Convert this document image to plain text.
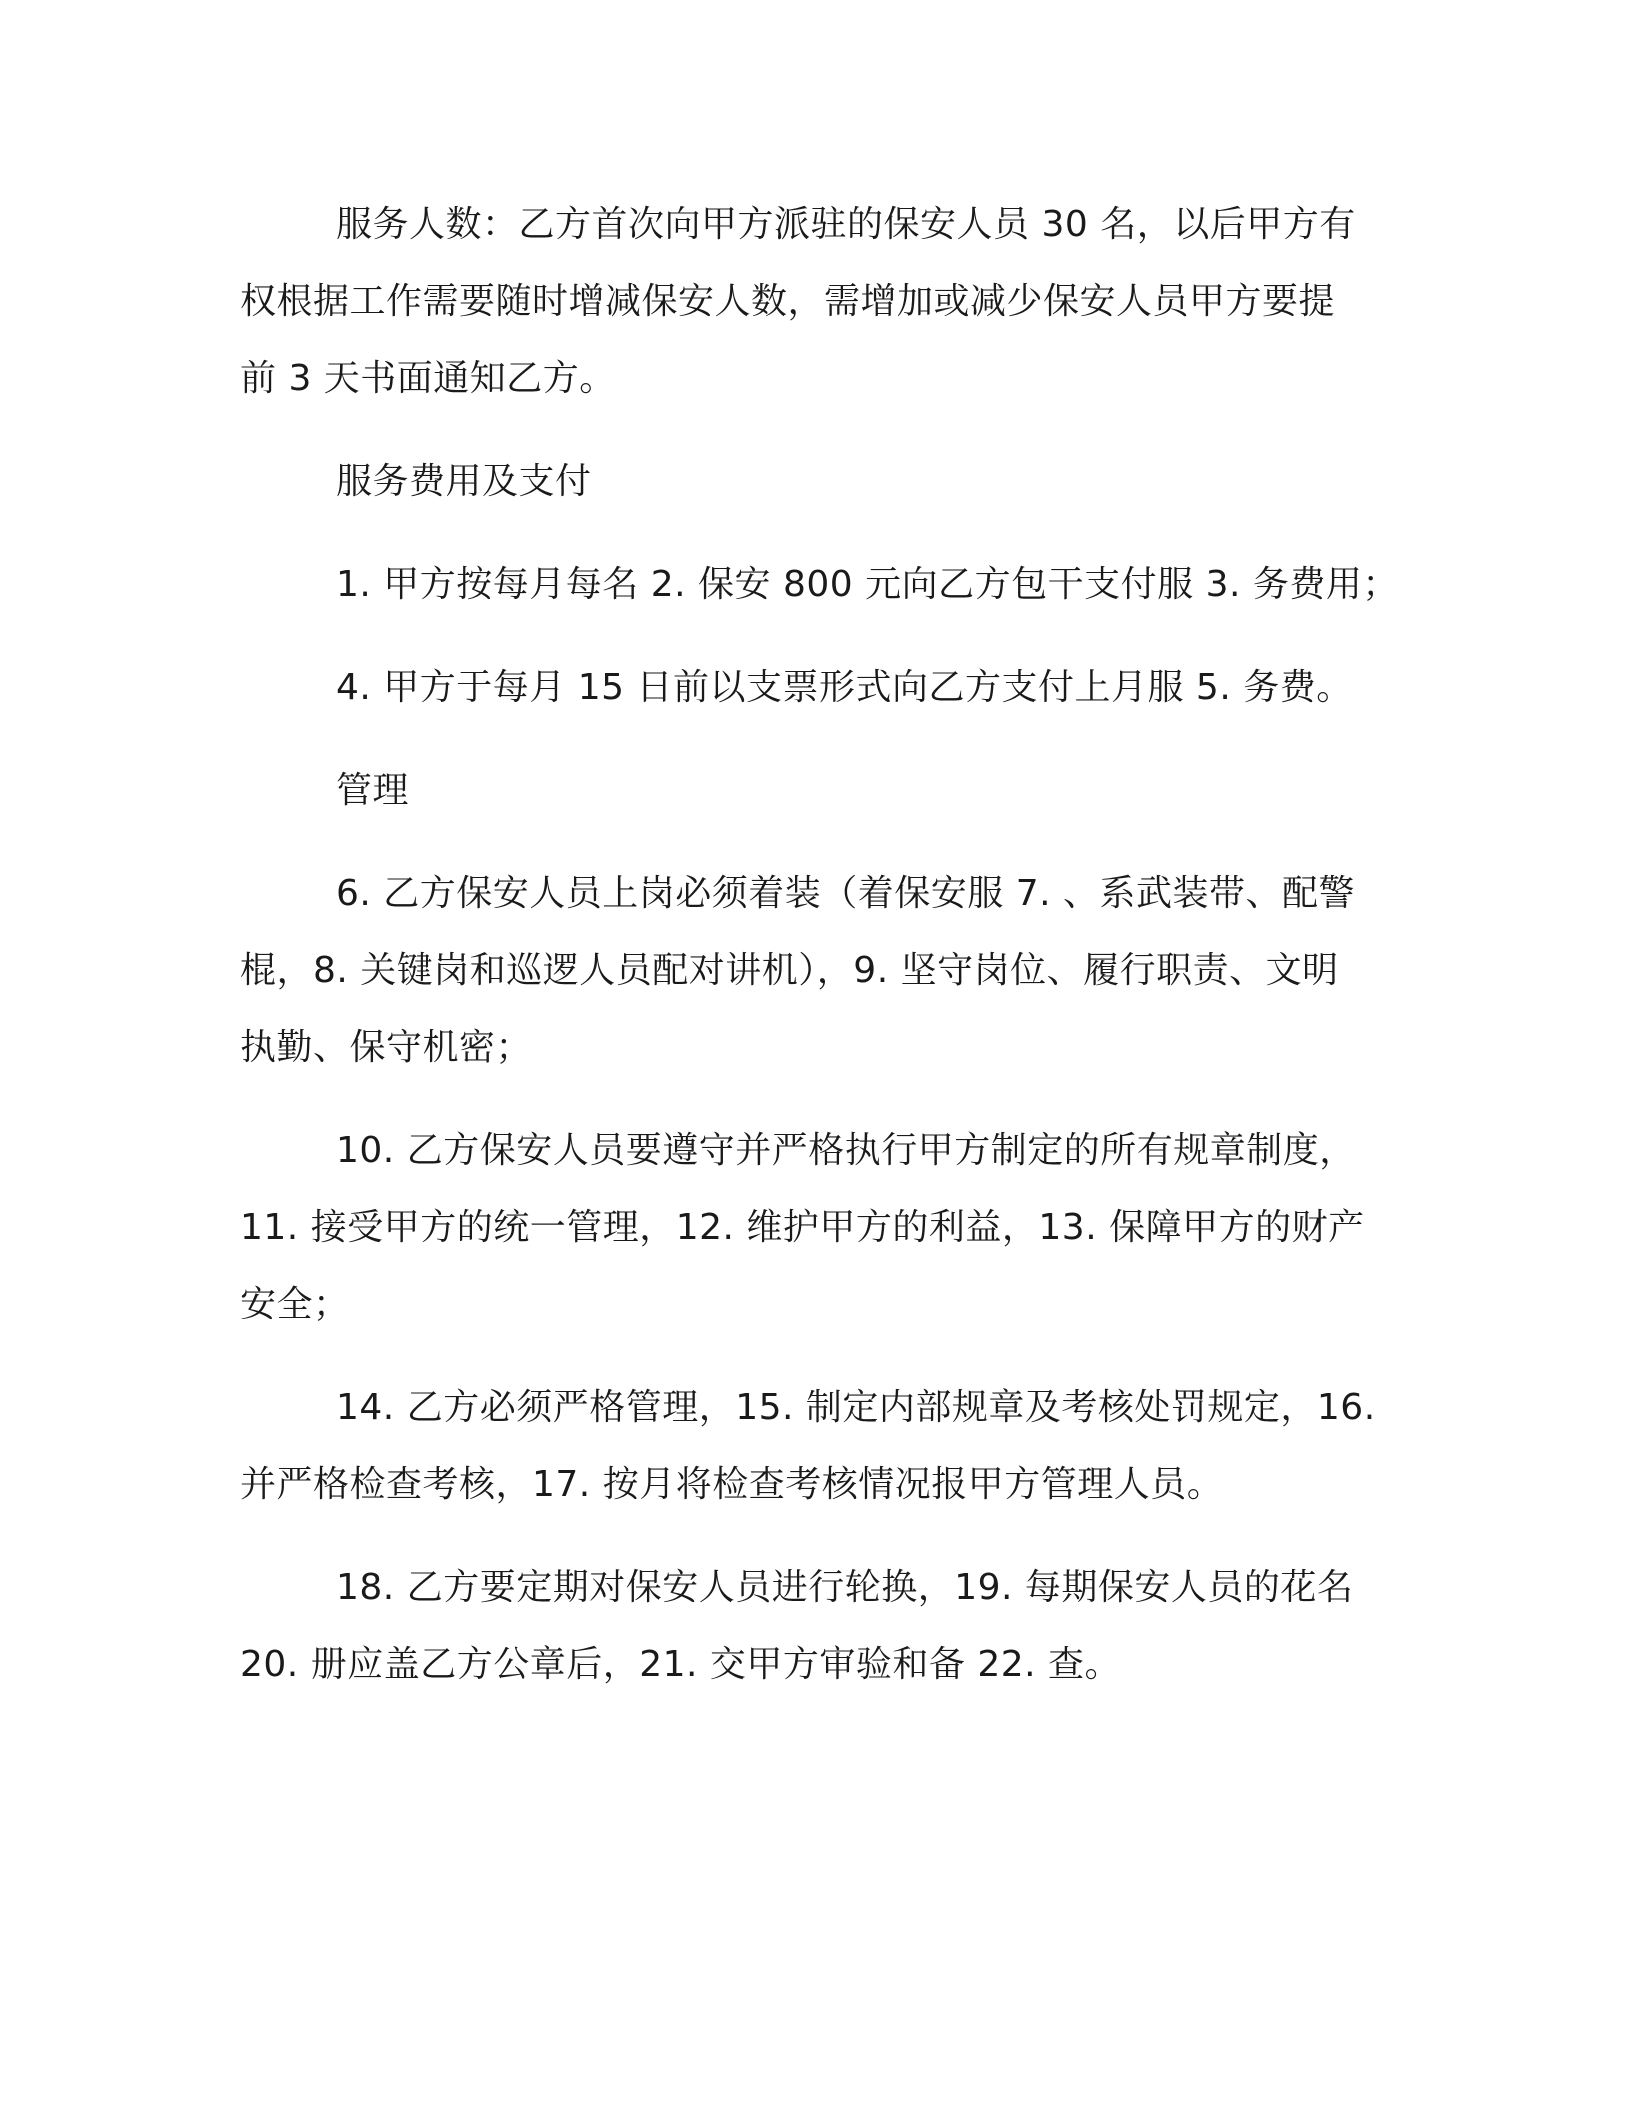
服务人数：乙方首次向甲方派驻的保安人员 30 名，以后甲方有
权根据工作需要随时增减保安人数，需增加或减少保安人员甲方要提
前 3 天书面通知乙方。

服务费用及支付

1. 甲方按每月每名 2. 保安 800 元向乙方包干支付服 3. 务费用；

4. 甲方于每月 15 日前以支票形式向乙方支付上月服 5. 务费。

管理

6. 乙方保安人员上岗必须着装（着保安服 7. 、系武装带、配警
棍，8. 关键岗和巡逻人员配对讲机），9. 坚守岗位、履行职责、文明
执勤、保守机密；

10. 乙方保安人员要遵守并严格执行甲方制定的所有规章制度，
11. 接受甲方的统一管理，12. 维护甲方的利益，13. 保障甲方的财产
安全；

14. 乙方必须严格管理，15. 制定内部规章及考核处罚规定，16.
并严格检查考核，17. 按月将检查考核情况报甲方管理人员。

18. 乙方要定期对保安人员进行轮换，19. 每期保安人员的花名
20. 册应盖乙方公章后，21. 交甲方审验和备 22. 查。
